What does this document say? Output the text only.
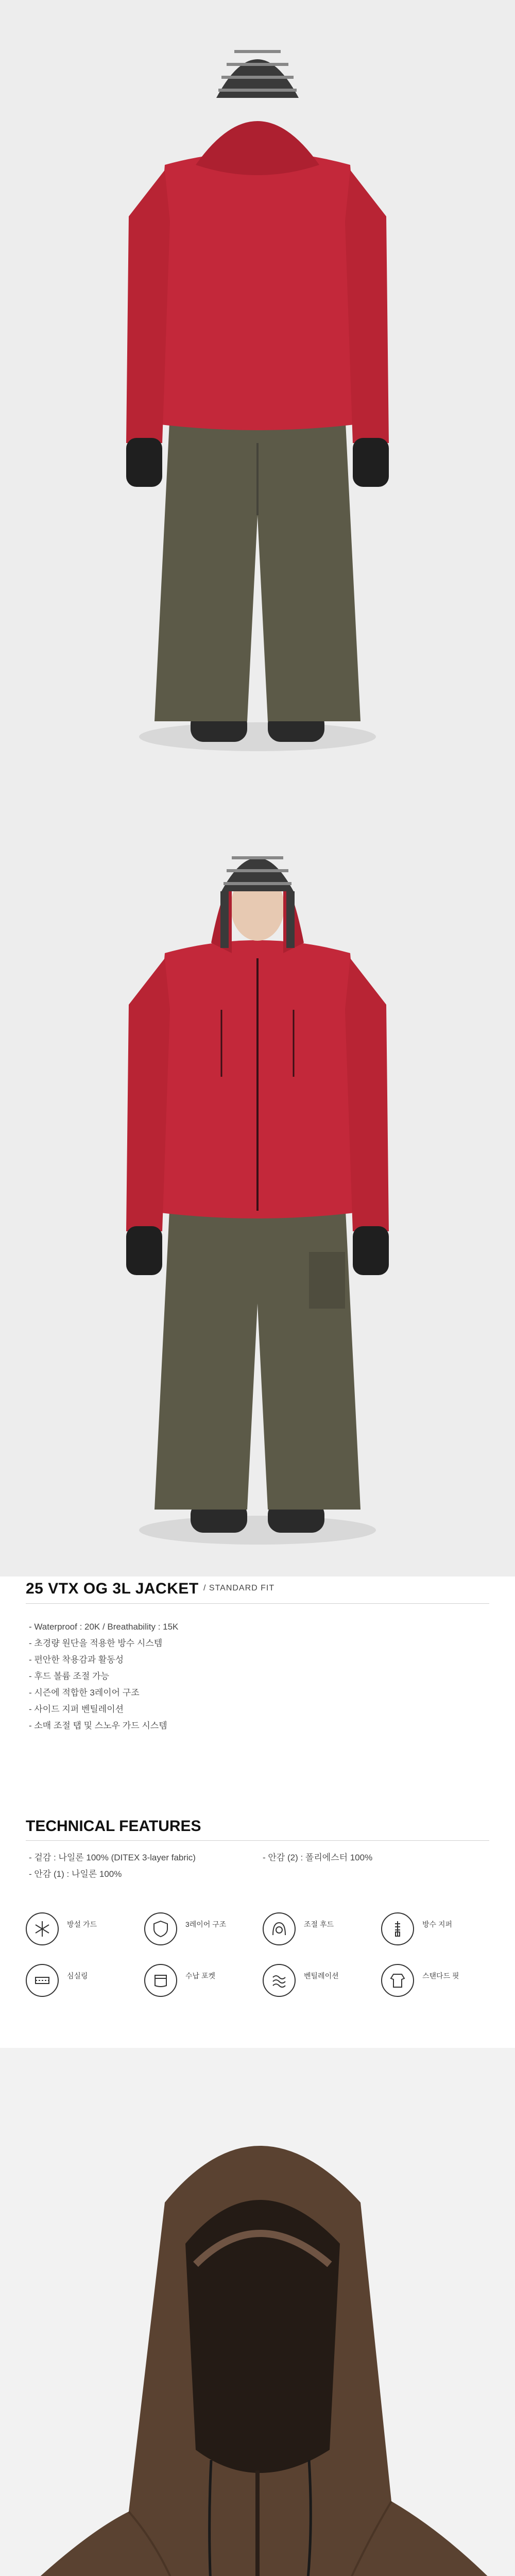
25 VTX OG 3L JACKET / STANDARD FIT
- Waterproof : 20K / Breathability : 15K
- 초경량 원단을 적용한 방수 시스템
- 편안한 착용감과 활동성
- 후드 볼륨 조절 가능
- 시즌에 적합한 3레이어 구조
- 사이드 지퍼 벤틸레이션
- 소매 조절 탭 및 스노우 가드 시스템
TECHNICAL FEATURES
- 겉감 : 나일론 100% (DITEX 3-layer fabric)
- 안감 (1) : 나일론 100%
- 안감 (2) : 폴리에스터 100%
방설 가드	3레이어 구조	조절 후드	방수 지퍼
심실링	수납 포켓	벤틸레이션	스탠다드 핏
